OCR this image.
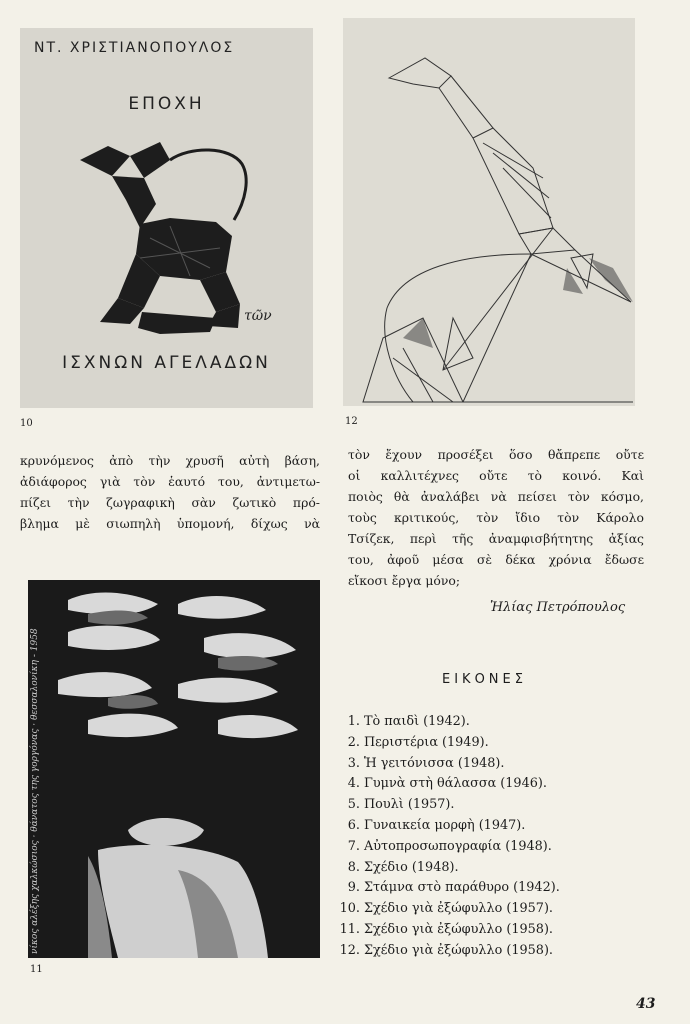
ΝΤ. ΧΡΙΣΤΙΑΝΟΠΟΥΛΟΣ
ΕΠΟΧΗ
τῶν
ΙΣΧΝΩΝ ΑΓΕΛΑΔΩΝ
10	12
κρυνόμενος ἀπὸ τὴν χρυσῆ αὐτὴ βάση,
ἀδιάφορος γιὰ τὸν ἑαυτό του, ἀντιμετω-
πίζει τὴν ζωγραφικὴ σὰν ζωτικὸ πρό-
βλημα μὲ σιωπηλὴ ὑπομονή, δίχως νὰ
τὸν ἔχουν προσέξει ὅσο θἄπρεπε οὔτε
οἱ καλλιτέχνες οὔτε τὸ κοινό. Καὶ
ποιὸς θὰ ἀναλάβει νὰ πείσει τὸν κόσμο,
τοὺς κριτικούς, τὸν ἴδιο τὸν Κάρολο
Τσίζεκ, περὶ τῆς ἀναμφισβήτητης ἀξίας
του, ἀφοῦ μέσα σὲ δέκα χρόνια ἔδωσε
εἴκοσι ἔργα μόνο;
Ἠλίας Πετρόπουλος
νίκος αλέξης χαλκώσιος · θάνατος της γοργόνας · θεσσαλονίκη - 1958
11
ΕΙΚΟΝΕΣ
1. Τὸ παιδὶ (1942).
2. Περιστέρια (1949).
3. Ἡ γειτόνισσα (1948).
4. Γυμνὰ στὴ θάλασσα (1946).
5. Πουλὶ (1957).
6. Γυναικεία μορφὴ (1947).
7. Αὐτοπροσωπογραφία (1948).
8. Σχέδιο (1948).
9. Στάμνα στὸ παράθυρο (1942).
10. Σχέδιο γιὰ ἐξώφυλλο (1957).
11. Σχέδιο γιὰ ἐξώφυλλο (1958).
12. Σχέδιο γιὰ ἐξώφυλλο (1958).
43
